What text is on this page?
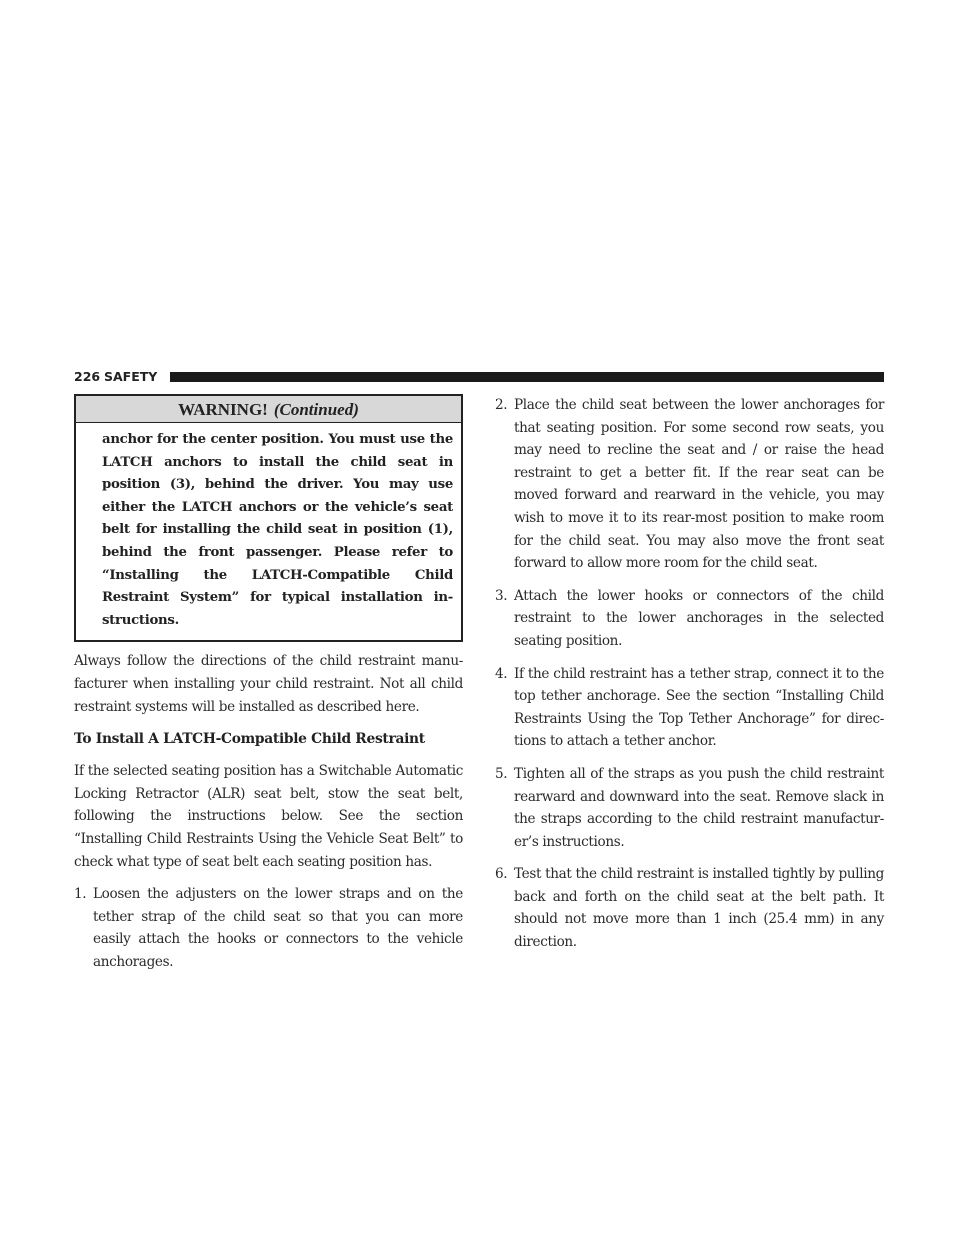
226 SAFETY
WARNING! (Continued)
anchor for the center position. You must use the LATCH anchors to install the child seat in position (3), behind the driver. You may use either the LATCH anchors or the vehicle’s seat belt for installing the child seat in position (1), behind the front passenger. Please refer to “Installing the LATCH-Compatible Child Restraint System” for typical installation in-structions.

Always follow the directions of the child restraint manu-facturer when installing your child restraint. Not all child restraint systems will be installed as described here.

To Install A LATCH-Compatible Child Restraint

If the selected seating position has a Switchable Automatic Locking Retractor (ALR) seat belt, stow the seat belt, following the instructions below. See the section “Installing Child Restraints Using the Vehicle Seat Belt” to check what type of seat belt each seating position has.

1. Loosen the adjusters on the lower straps and on the tether strap of the child seat so that you can more easily attach the hooks or connectors to the vehicle anchorages.
2. Place the child seat between the lower anchorages for that seating position. For some second row seats, you may need to recline the seat and / or raise the head restraint to get a better fit. If the rear seat can be moved forward and rearward in the vehicle, you may wish to move it to its rear-most position to make room for the child seat. You may also move the front seat forward to allow more room for the child seat.
3. Attach the lower hooks or connectors of the child restraint to the lower anchorages in the selected seating position.
4. If the child restraint has a tether strap, connect it to the top tether anchorage. See the section “Installing Child Restraints Using the Top Tether Anchorage” for direc-tions to attach a tether anchor.
5. Tighten all of the straps as you push the child restraint rearward and downward into the seat. Remove slack in the straps according to the child restraint manufactur-er’s instructions.
6. Test that the child restraint is installed tightly by pulling back and forth on the child seat at the belt path. It should not move more than 1 inch (25.4 mm) in any direction.
